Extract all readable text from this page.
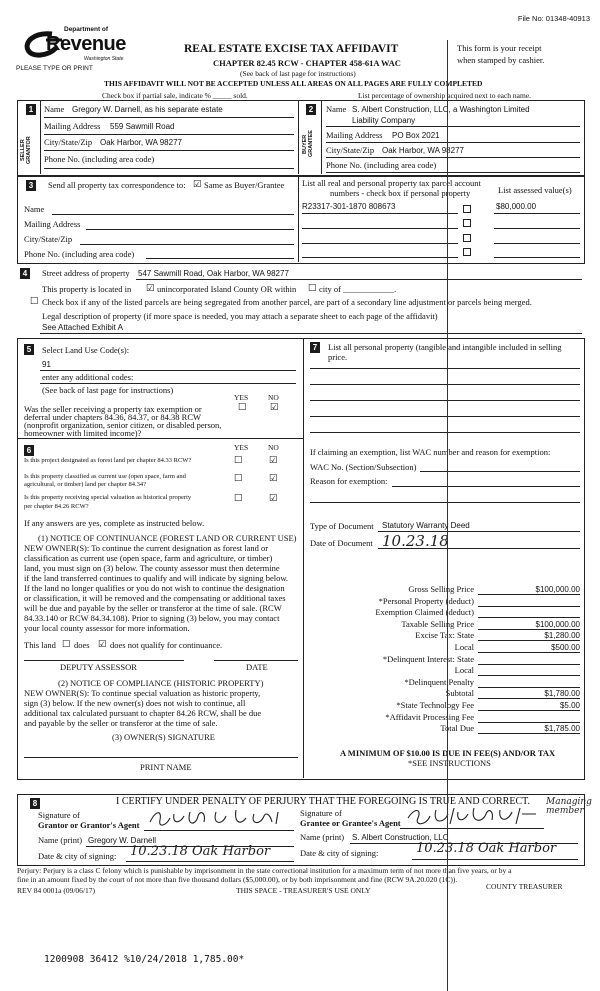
File No: 01348-40913
Department of
Revenue
Washington State
PLEASE TYPE OR PRINT
REAL ESTATE EXCISE TAX AFFIDAVIT
CHAPTER 82.45 RCW - CHAPTER 458-61A WAC
(See back of last page for instructions)
This form is your receipt
when stamped by cashier.
THIS AFFIDAVIT WILL NOT BE ACCEPTED UNLESS ALL AREAS ON ALL PAGES ARE FULLY COMPLETED
Check box if partial sale, indicate % _____ sold.	List percentage of ownership acquired next to each name.
1
SELLER GRANTOR
Name Gregory W. Darnell, as his separate estate
Mailing Address 559 Sawmill Road
City/State/Zip Oak Harbor, WA 98277
Phone No. (including area code)
2
BUYER GRANTEE
Name S. Albert Construction, LLC, a Washington Limited
Liability Company
Mailing Address PO Box 2021
City/State/Zip Oak Harbor, WA 98277
Phone No. (including area code)
3	Send all property tax correspondence to: ☑ Same as Buyer/Grantee
Name
Mailing Address
City/State/Zip
Phone No. (including area code)
List all real and personal property tax parcel account
numbers - check box if personal property	List assessed value(s)
R23317-301-1870 808673	$80,000.00
4	Street address of property 547 Sawmill Road, Oak Harbor, WA 98277
This property is located in ☑ unincorporated Island County OR within ☐ city of ____________.
☐ Check box if any of the listed parcels are being segregated from another parcel, are part of a secondary line adjustment or parcels being merged.
Legal description of property (if more space is needed, you may attach a separate sheet to each page of the affidavit)
See Attached Exhibit A
5	Select Land Use Code(s):
91
enter any additional codes:
(See back of last page for instructions)
YES	NO
Was the seller receiving a property tax exemption or
deferral under chapters 84.36, 84.37, or 84.38 RCW
(nonprofit organization, senior citizen, or disabled person,
homeowner with limited income)?
☐ ☑
6	YES	NO
Is this project designated as forest land per chapter 84.33 RCW?	☐	☑
Is this property classified as current use (open space, farm and
agricultural, or timber) land per chapter 84.34?
☐	☑
Is this property receiving special valuation as historical property
per chapter 84.26 RCW?
☐	☑
If any answers are yes, complete as instructed below.
(1) NOTICE OF CONTINUANCE (FOREST LAND OR CURRENT USE)
NEW OWNER(S): To continue the current designation as forest land or
classification as current use (open space, farm and agriculture, or timber)
land, you must sign on (3) below. The county assessor must then determine
if the land transferred continues to qualify and will indicate by signing below.
If the land no longer qualifies or you do not wish to continue the designation
or classification, it will be removed and the compensating or additional taxes
will be due and payable by the seller or transferor at the time of sale. (RCW
84.33.140 or RCW 84.34.108). Prior to signing (3) below, you may contact
your local county assessor for more information.
This land ☐ does ☑ does not qualify for continuance.
DEPUTY ASSESSOR	DATE
(2) NOTICE OF COMPLIANCE (HISTORIC PROPERTY)
NEW OWNER(S): To continue special valuation as historic property,
sign (3) below. If the new owner(s) does not wish to continue, all
additional tax calculated pursuant to chapter 84.26 RCW, shall be due
and payable by the seller or transferor at the time of sale.
(3) OWNER(S) SIGNATURE
PRINT NAME
7	List all personal property (tangible and intangible included in selling
price.
If claiming an exemption, list WAC number and reason for exemption:
WAC No. (Section/Subsection)
Reason for exemption:
Type of Document Statutory Warranty Deed
Date of Document 10.23.18
Gross Selling Price	$100,000.00
*Personal Property (deduct)
Exemption Claimed (deduct)
Taxable Selling Price	$100,000.00
Excise Tax: State	$1,280.00
Local	$500.00
*Delinquent Interest: State
Local
*Delinquent Penalty
Subtotal	$1,780.00
*State Technology Fee	$5.00
*Affidavit Processing Fee
Total Due	$1,785.00
A MINIMUM OF $10.00 IS DUE IN FEE(S) AND/OR TAX
*SEE INSTRUCTIONS
8	I CERTIFY UNDER PENALTY OF PERJURY THAT THE FOREGOING IS TRUE AND CORRECT.
Signature of
Grantor or Grantor's Agent
Name (print) Gregory W. Darnell
Date & city of signing: 10.23.18 Oak Harbor
Signature of
Grantee or Grantee's Agent
Managing member
Name (print) S. Albert Construction, LLC
Date & city of signing:	10.23.18 Oak Harbor
Perjury: Perjury is a class C felony which is punishable by imprisonment in the state correctional institution for a maximum term of not more than five years, or by a
fine in an amount fixed by the court of not more than five thousand dollars ($5,000.00), or by both imprisonment and fine (RCW 9A.20.020 (1C)).
REV 84 0001a (09/06/17)	THIS SPACE - TREASURER'S USE ONLY	COUNTY TREASURER
1200908 36412 %10/24/2018 1,785.00*
